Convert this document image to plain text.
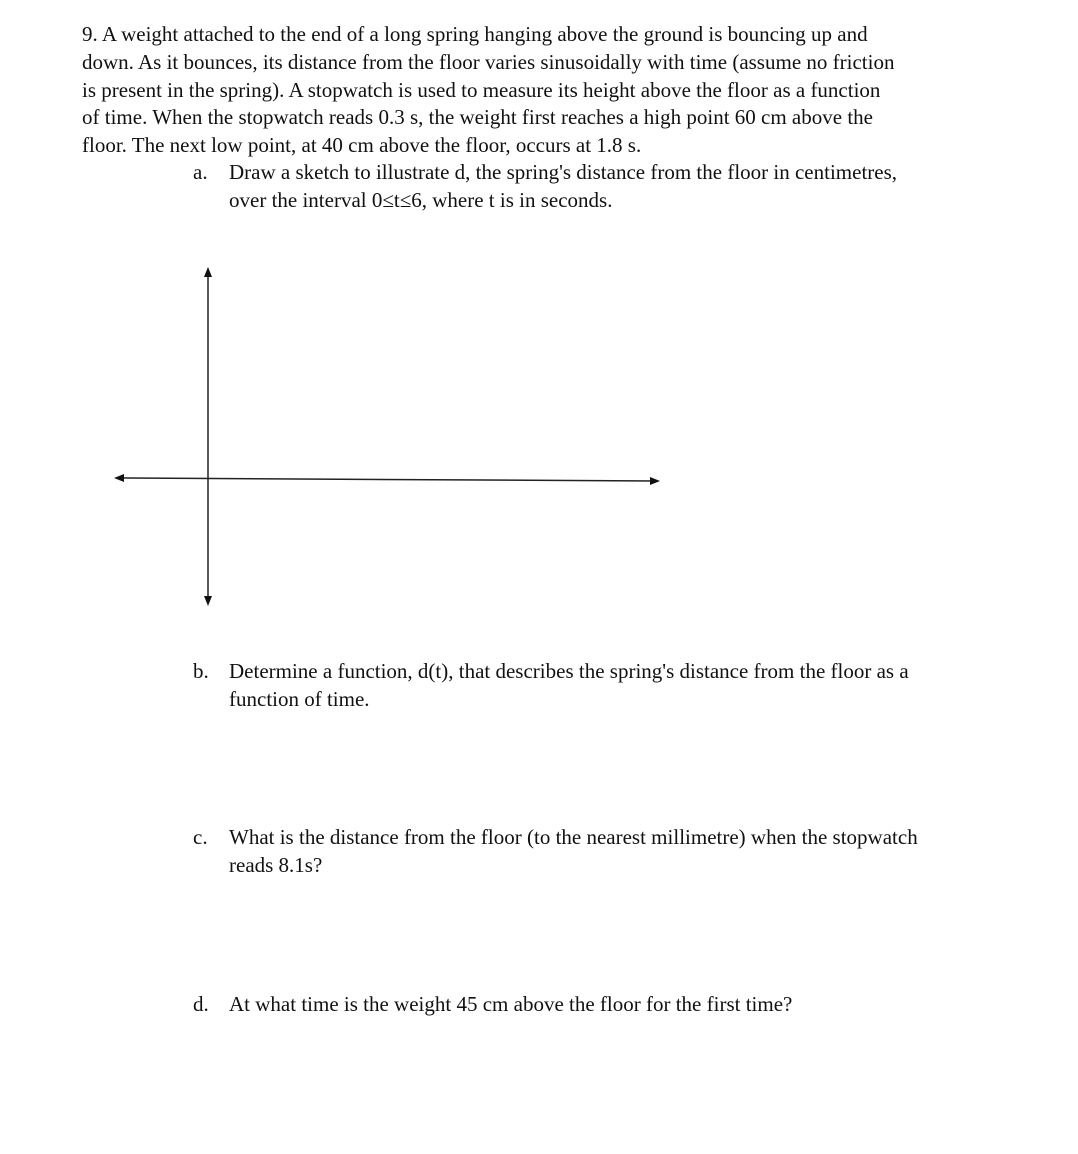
9. A weight attached to the end of a long spring hanging above the ground is bouncing up and
down. As it bounces, its distance from the floor varies sinusoidally with time (assume no friction
is present in the spring). A stopwatch is used to measure its height above the floor as a function
of time. When the stopwatch reads 0.3 s, the weight first reaches a high point 60 cm above the
floor. The next low point, at 40 cm above the floor, occurs at 1.8 s.
a. Draw a sketch to illustrate d, the spring's distance from the floor in centimetres,
over the interval 0≤t≤6, where t is in seconds.
b. Determine a function, d(t), that describes the spring's distance from the floor as a
function of time.
c. What is the distance from the floor (to the nearest millimetre) when the stopwatch
reads 8.1s?
d. At what time is the weight 45 cm above the floor for the first time?
